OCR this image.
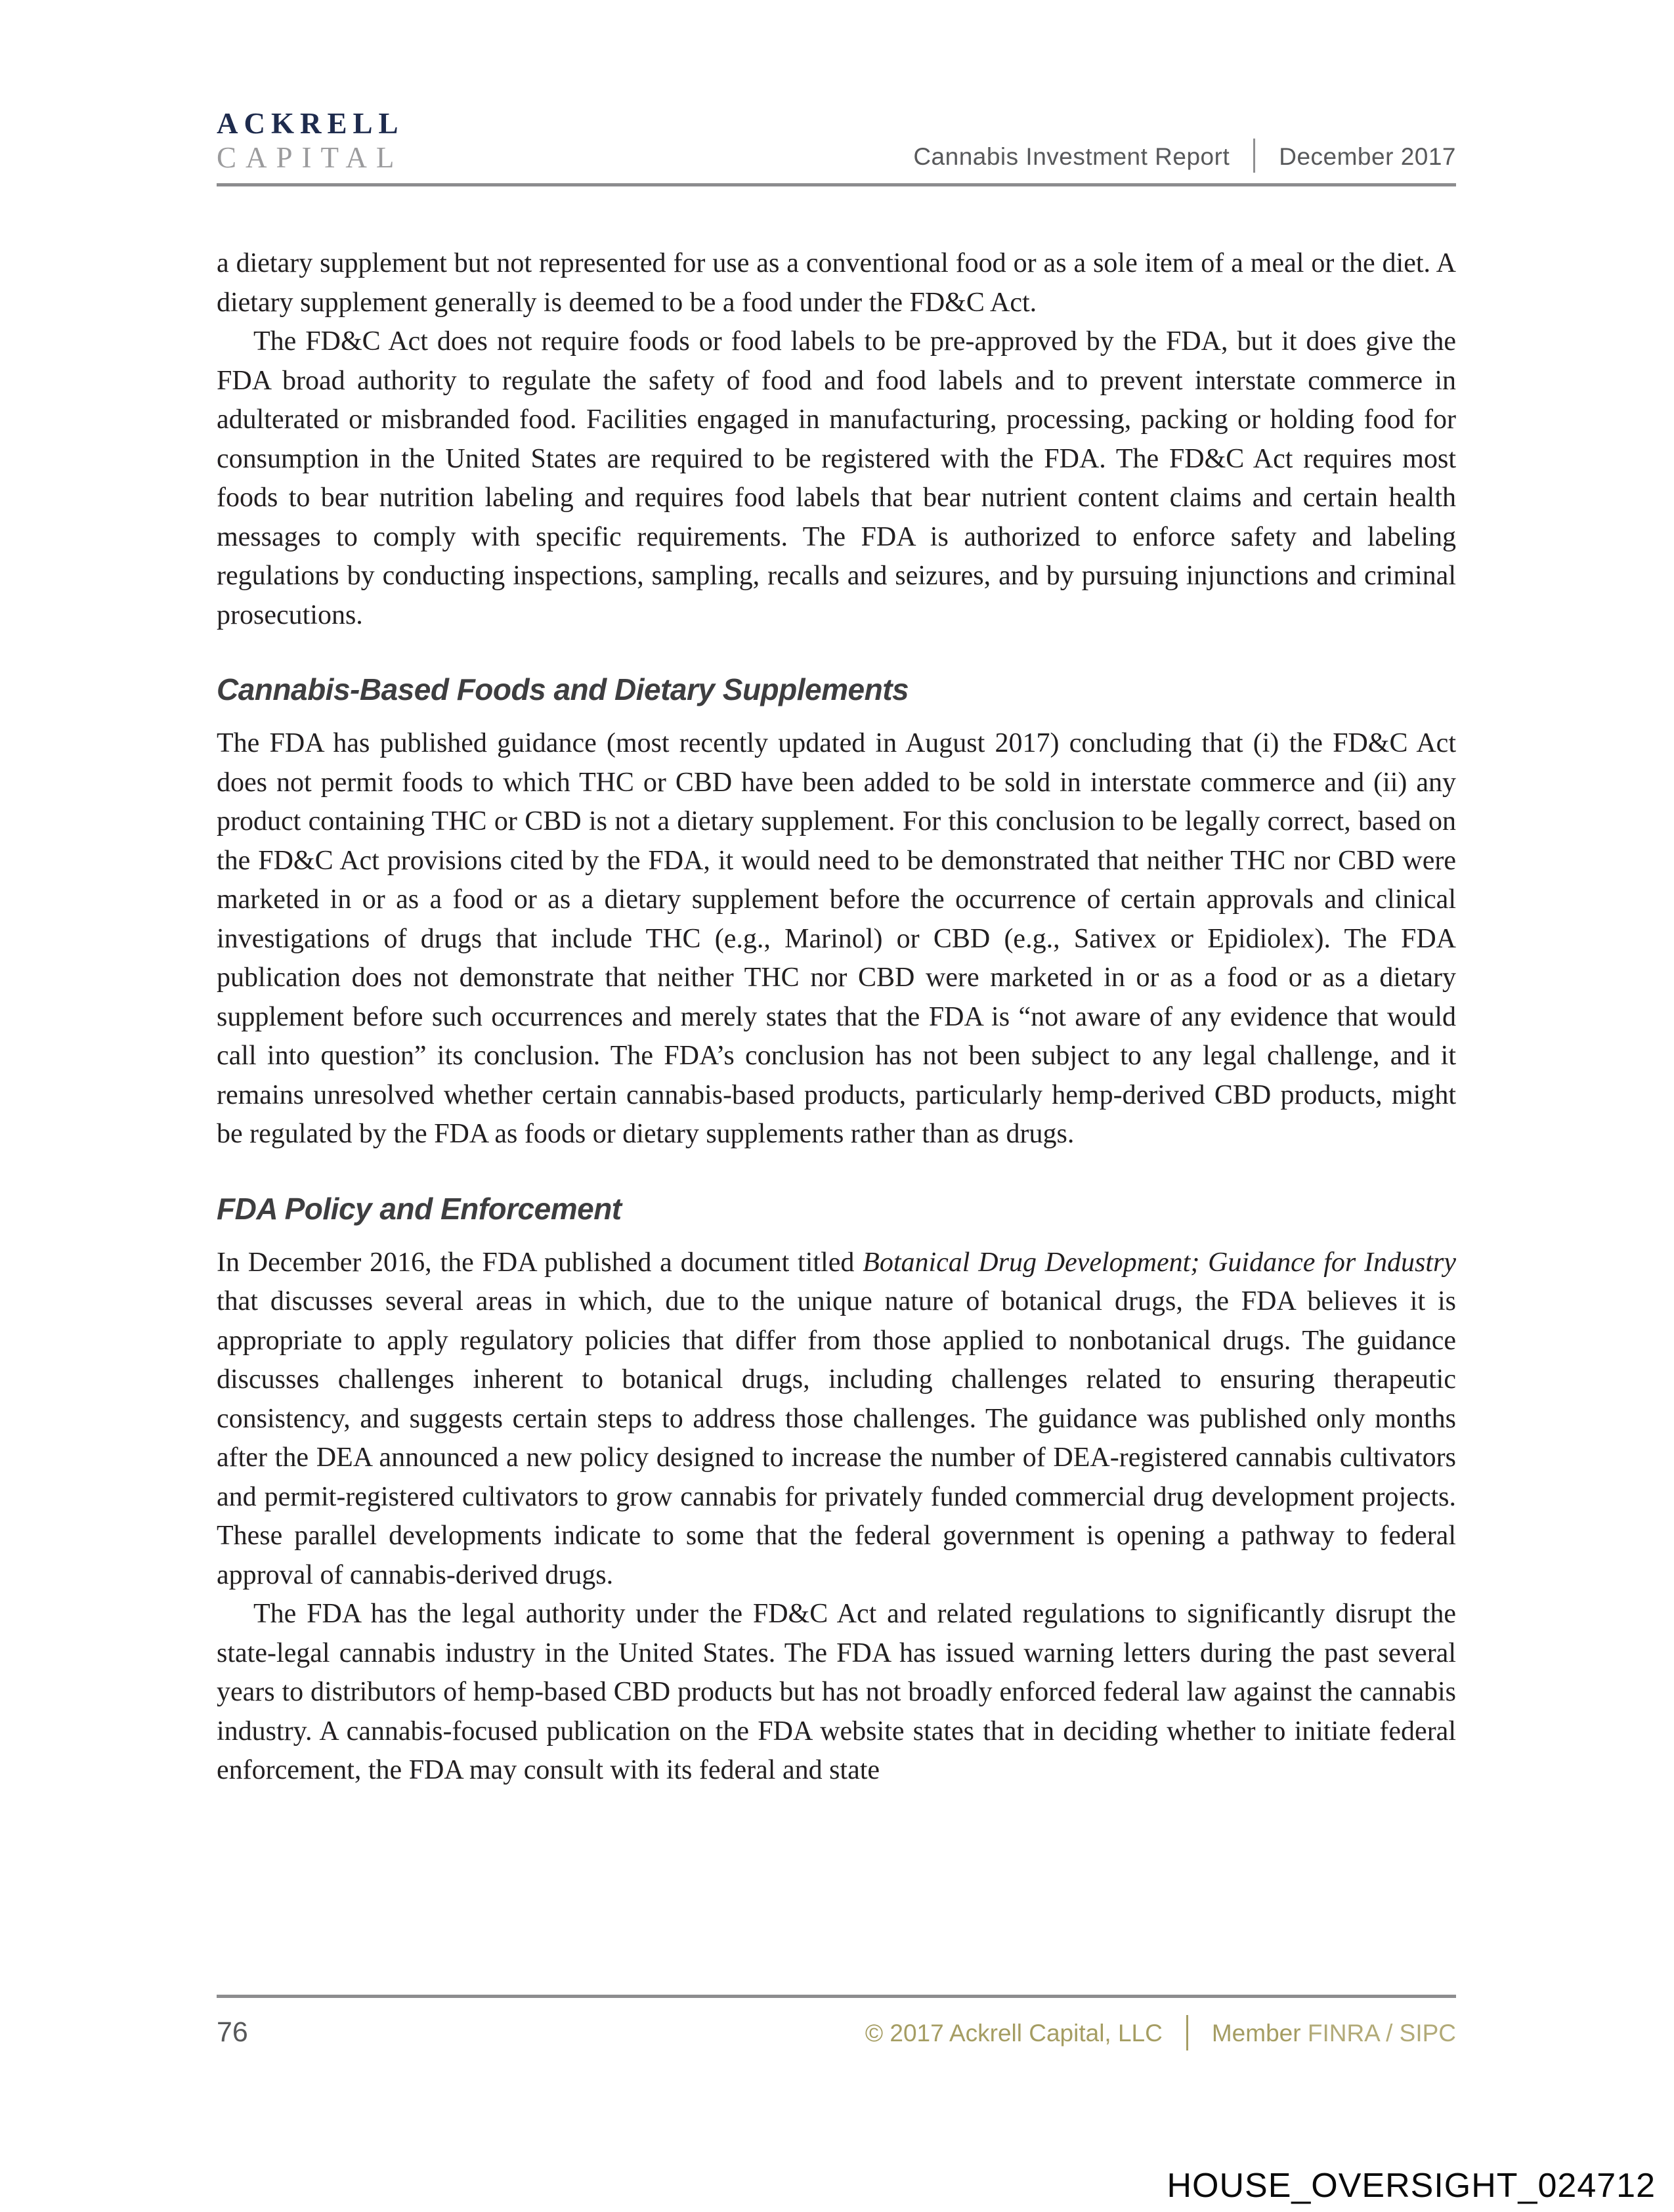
ACKRELL
CAPITAL	Cannabis Investment Report December 2017

a dietary supplement but not represented for use as a conventional food or as a sole item of a meal or the diet. A dietary supplement generally is deemed to be a food under the FD&C Act.

The FD&C Act does not require foods or food labels to be pre-approved by the FDA, but it does give the FDA broad authority to regulate the safety of food and food labels and to prevent interstate commerce in adulterated or misbranded food. Facilities engaged in manufacturing, processing, packing or holding food for consumption in the United States are required to be registered with the FDA. The FD&C Act requires most foods to bear nutrition labeling and requires food labels that bear nutrient content claims and certain health messages to comply with specific requirements. The FDA is authorized to enforce safety and labeling regulations by conducting inspections, sampling, recalls and seizures, and by pursuing injunctions and criminal prosecutions.

Cannabis-Based Foods and Dietary Supplements

The FDA has published guidance (most recently updated in August 2017) concluding that (i) the FD&C Act does not permit foods to which THC or CBD have been added to be sold in interstate commerce and (ii) any product containing THC or CBD is not a dietary supplement. For this conclusion to be legally correct, based on the FD&C Act provisions cited by the FDA, it would need to be demonstrated that neither THC nor CBD were marketed in or as a food or as a dietary supplement before the occurrence of certain approvals and clinical investigations of drugs that include THC (e.g., Marinol) or CBD (e.g., Sativex or Epidiolex). The FDA publication does not demonstrate that neither THC nor CBD were marketed in or as a food or as a dietary supplement before such occurrences and merely states that the FDA is “not aware of any evidence that would call into question” its conclusion. The FDA’s conclusion has not been subject to any legal challenge, and it remains unresolved whether certain cannabis-based products, particularly hemp-derived CBD products, might be regulated by the FDA as foods or dietary supplements rather than as drugs.

FDA Policy and Enforcement

In December 2016, the FDA published a document titled Botanical Drug Development; Guidance for Industry that discusses several areas in which, due to the unique nature of botanical drugs, the FDA believes it is appropriate to apply regulatory policies that differ from those applied to nonbotanical drugs. The guidance discusses challenges inherent to botanical drugs, including challenges related to ensuring therapeutic consistency, and suggests certain steps to address those challenges. The guidance was published only months after the DEA announced a new policy designed to increase the number of DEA-registered cannabis cultivators and permit-registered cultivators to grow cannabis for privately funded commercial drug development projects. These parallel developments indicate to some that the federal government is opening a pathway to federal approval of cannabis-derived drugs.

The FDA has the legal authority under the FD&C Act and related regulations to significantly disrupt the state-legal cannabis industry in the United States. The FDA has issued warning letters during the past several years to distributors of hemp-based CBD products but has not broadly enforced federal law against the cannabis industry. A cannabis-focused publication on the FDA website states that in deciding whether to initiate federal enforcement, the FDA may consult with its federal and state

76	© 2017 Ackrell Capital, LLC Member FINRA / SIPC
HOUSE_OVERSIGHT_024712
